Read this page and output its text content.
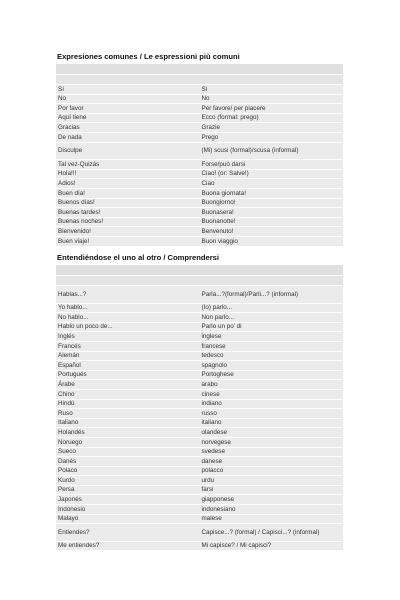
Expresiones comunes / Le espressioni più comuni

Sí	Sì
No	No
Por favor	Per favore/ per piacere
Aquí tiene	Ecco (formal: prego)
Gracias	Grazie
De nada	Prego
Disculpe	(Mi) scusi (formal)/scusa (informal)
Tal vez-Quizás	Forse/può darsi
Hola!!!	Ciao! (or: Salve!)
Adios!	Ciao
Buen día!	Buona giornata!
Buenos días!	Buongiorno!
Buenas tardes!	Buonasera!
Buenas noches!	Buonanotte!
Bienvenido!	Benvenuto!
Buen viaje!	Buon viaggio
Entendiéndose el uno al otro / Comprendersi

Hablas...?	Parla...?(formal)/Parli...? (informal)
Yo hablo...	(Io) parlo...
No hablo...	Non parlo...
Hablo un poco de...	Parlo un po' di
Inglés	inglese
Francés	francese
Alemán	tedesco
Español	spagnolo
Portugués	Portoghese
Árabe	arabo
Chino	cinese
Hindú	indiano
Ruso	russo
Italiano	italiano
Holandés	olandese
Noruego	norvegese
Sueco	svedese
Danés	danese
Polaco	polacco
Kurdo	urdu
Persa	farsi
Japonés	giapponese
Indonesio	indonesiano
Malayo	malese
Entiendes?	Capisce...? (formal) / Capisci...? (informal)
Me entiendes?	Mi capisce? / Mi capisci?
